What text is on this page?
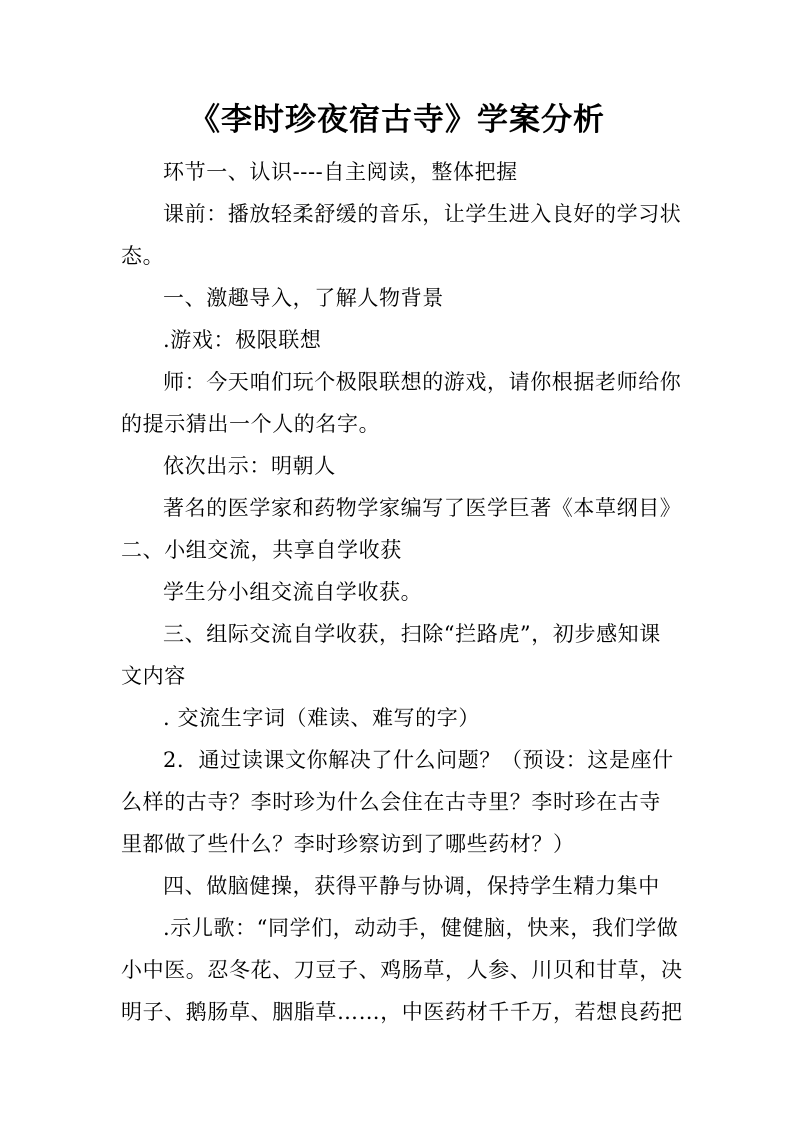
《李时珍夜宿古寺》学案分析
环节一、认识----自主阅读，整体把握
课前：播放轻柔舒缓的音乐，让学生进入良好的学习状
态。
一、激趣导入，了解人物背景
.游戏：极限联想
师：今天咱们玩个极限联想的游戏，请你根据老师给你
的提示猜出一个人的名字。
依次出示：明朝人
著名的医学家和药物学家编写了医学巨著《本草纲目》
二、小组交流，共享自学收获
学生分小组交流自学收获。
三、组际交流自学收获，扫除“拦路虎”，初步感知课
文内容
. 交流生字词（难读、难写的字）
2．通过读课文你解决了什么问题？（预设：这是座什
么样的古寺？李时珍为什么会住在古寺里？李时珍在古寺
里都做了些什么？李时珍察访到了哪些药材？）
四、做脑健操，获得平静与协调，保持学生精力集中
.示儿歌：“同学们，动动手，健健脑，快来，我们学做
小中医。忍冬花、刀豆子、鸡肠草，人参、川贝和甘草，决
明子、鹅肠草、胭脂草……，中医药材千千万，若想良药把
